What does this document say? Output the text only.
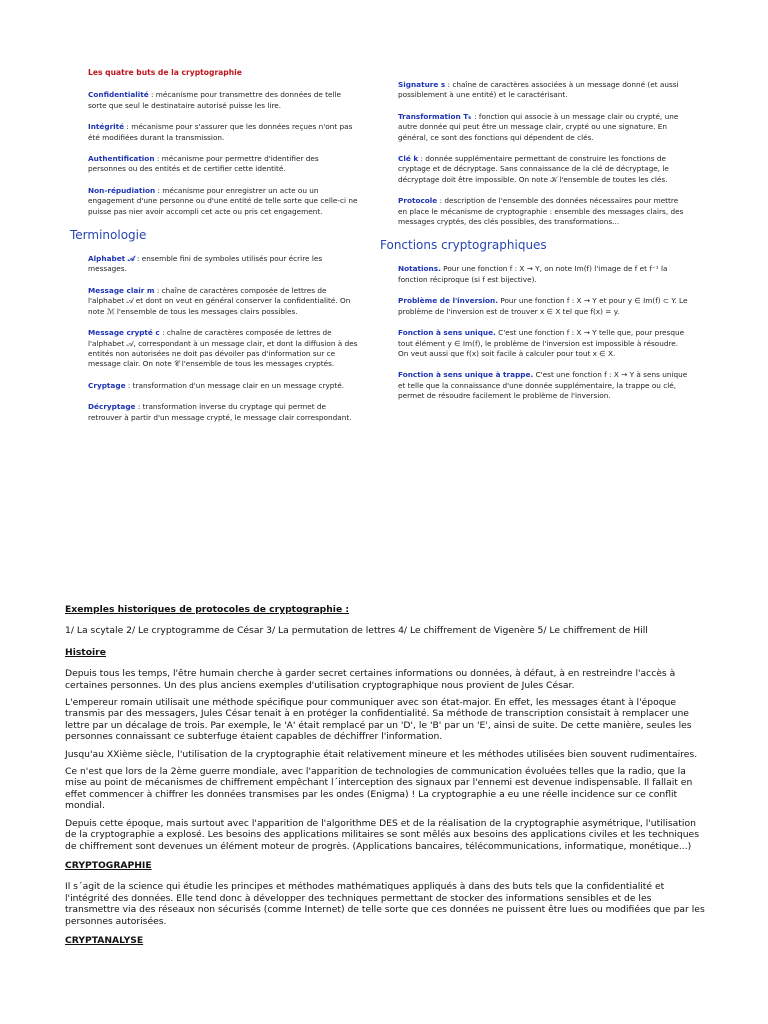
Les quatre buts de la cryptographie
Confidentialité : mécanisme pour transmettre des données de telle sorte que seul le destinataire autorisé puisse les lire.
Intégrité : mécanisme pour s'assurer que les données reçues n'ont pas été modifiées durant la transmission.
Authentification : mécanisme pour permettre d'identifier des personnes ou des entités et de certifier cette identité.
Non-répudiation : mécanisme pour enregistrer un acte ou un engagement d'une personne ou d'une entité de telle sorte que celle-ci ne puisse pas nier avoir accompli cet acte ou pris cet engagement.
Terminologie
Alphabet 𝒜 : ensemble fini de symboles utilisés pour écrire les messages.
Message clair m : chaîne de caractères composée de lettres de l'alphabet 𝒜 et dont on veut en général conserver la confidentialité. On note ℳ l'ensemble de tous les messages clairs possibles.
Message crypté c : chaîne de caractères composée de lettres de l'alphabet 𝒜, correspondant à un message clair, et dont la diffusion à des entités non autorisées ne doit pas dévoiler pas d'information sur ce message clair. On note 𝒞 l'ensemble de tous les messages cryptés.
Cryptage : transformation d'un message clair en un message crypté.
Décryptage : transformation inverse du cryptage qui permet de retrouver à partir d'un message crypté, le message clair correspondant.
Signature s : chaîne de caractères associées à un message donné (et aussi possiblement à une entité) et le caractérisant.
Transformation Tₖ : fonction qui associe à un message clair ou crypté, une autre donnée qui peut être un message clair, crypté ou une signature. En général, ce sont des fonctions qui dépendent de clés.
Clé k : donnée supplémentaire permettant de construire les fonctions de cryptage et de décryptage. Sans connaissance de la clé de décryptage, le décryptage doit être impossible. On note 𝒦 l'ensemble de toutes les clés.
Protocole : description de l'ensemble des données nécessaires pour mettre en place le mécanisme de cryptographie : ensemble des messages clairs, des messages cryptés, des clés possibles, des transformations...
Fonctions cryptographiques
Notations. Pour une fonction f : X → Y, on note Im(f) l'image de f et f⁻¹ la fonction réciproque (si f est bijective).
Problème de l'inversion. Pour une fonction f : X → Y et pour y ∈ Im(f) ⊂ Y. Le problème de l'inversion est de trouver x ∈ X tel que f(x) = y.
Fonction à sens unique. C'est une fonction f : X → Y telle que, pour presque tout élément y ∈ Im(f), le problème de l'inversion est impossible à résoudre. On veut aussi que f(x) soit facile à calculer pour tout x ∈ X.
Fonction à sens unique à trappe. C'est une fonction f : X → Y à sens unique et telle que la connaissance d'une donnée supplémentaire, la trappe ou clé, permet de résoudre facilement le problème de l'inversion.
Exemples historiques de protocoles de cryptographie :

1/ La scytale 2/ Le cryptogramme de César 3/ La permutation de lettres 4/ Le chiffrement de Vigenère 5/ Le chiffrement de Hill

Histoire

Depuis tous les temps, l'être humain cherche à garder secret certaines informations ou données, à défaut, à en restreindre l'accès à certaines personnes. Un des plus anciens exemples d'utilisation cryptographique nous provient de Jules César.

L'empereur romain utilisait une méthode spécifique pour communiquer avec son état-major. En effet, les messages étant à l'époque transmis par des messagers, Jules César tenait à en protéger la confidentialité. Sa méthode de transcription consistait à remplacer une lettre par un décalage de trois. Par exemple, le 'A' était remplacé par un 'D', le 'B' par un 'E', ainsi de suite. De cette manière, seules les personnes connaissant ce subterfuge étaient capables de déchiffrer l'information.

Jusqu'au XXième siècle, l'utilisation de la cryptographie était relativement mineure et les méthodes utilisées bien souvent rudimentaires.

Ce n'est que lors de la 2ème guerre mondiale, avec l'apparition de technologies de communication évoluées telles que la radio, que la mise au point de mécanismes de chiffrement empêchant l´interception des signaux par l'ennemi est devenue indispensable. Il fallait en effet commencer à chiffrer les données transmises par les ondes (Enigma) ! La cryptographie a eu une réelle incidence sur ce conflit mondial.

Depuis cette époque, mais surtout avec l'apparition de l'algorithme DES et de la réalisation de la cryptographie asymétrique, l'utilisation de la cryptographie a explosé. Les besoins des applications militaires se sont mêlés aux besoins des applications civiles et les techniques de chiffrement sont devenues un élément moteur de progrès. (Applications bancaires, télécommunications, informatique, monétique...)

CRYPTOGRAPHIE

Il s´agit de la science qui étudie les principes et méthodes mathématiques appliqués à dans des buts tels que la confidentialité et l'intégrité des données. Elle tend donc à développer des techniques permettant de stocker des informations sensibles et de les transmettre via des réseaux non sécurisés (comme Internet) de telle sorte que ces données ne puissent être lues ou modifiées que par les personnes autorisées.

CRYPTANALYSE
